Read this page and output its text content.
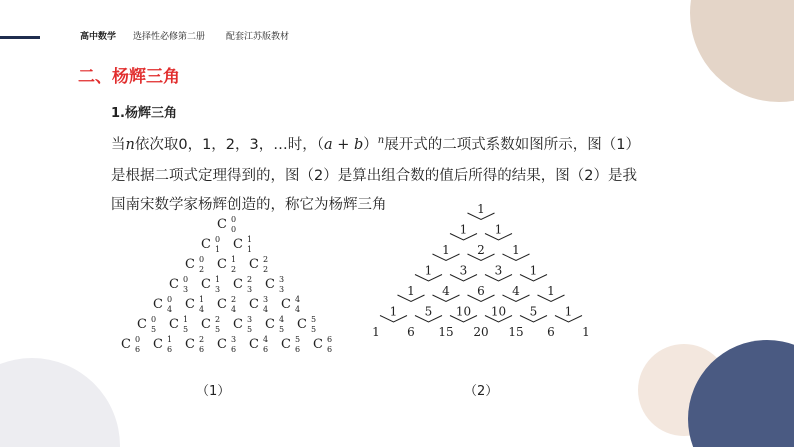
高中数学 选择性必修第二册 配套江苏版教材
二、杨辉三角
1.杨辉三角
当n依次取0，1，2，3，…时，$(a + b)^n$展开式的二项式系数如图所示，图（1）
是根据二项式定理得到的，图（2）是算出组合数的值后所得的结果，图（2）是我
国南宋数学家杨辉创造的，称它为杨辉三角
C 0
0
C 0
1 C 1
1
C 0
2 C 1
2 C 2
2
C 0
3 C 1
3 C 2
3 C 3
3
C 0
4 C 1
4 C 2
4 C 3
4 C 4
4
C 0
5 C 1
5 C 2
5 C 3
5 C 4
5 C 5
5
C 0
6 C 1
6 C 2
6 C 3
6 C 4
6 C 5
6 C 6
6
1
1 1
1 2 1
1 3 3 1
1 4 6 4 1
1 5 10 10 5 1
1 6 15 20 15 6 1
（1）	（2）
